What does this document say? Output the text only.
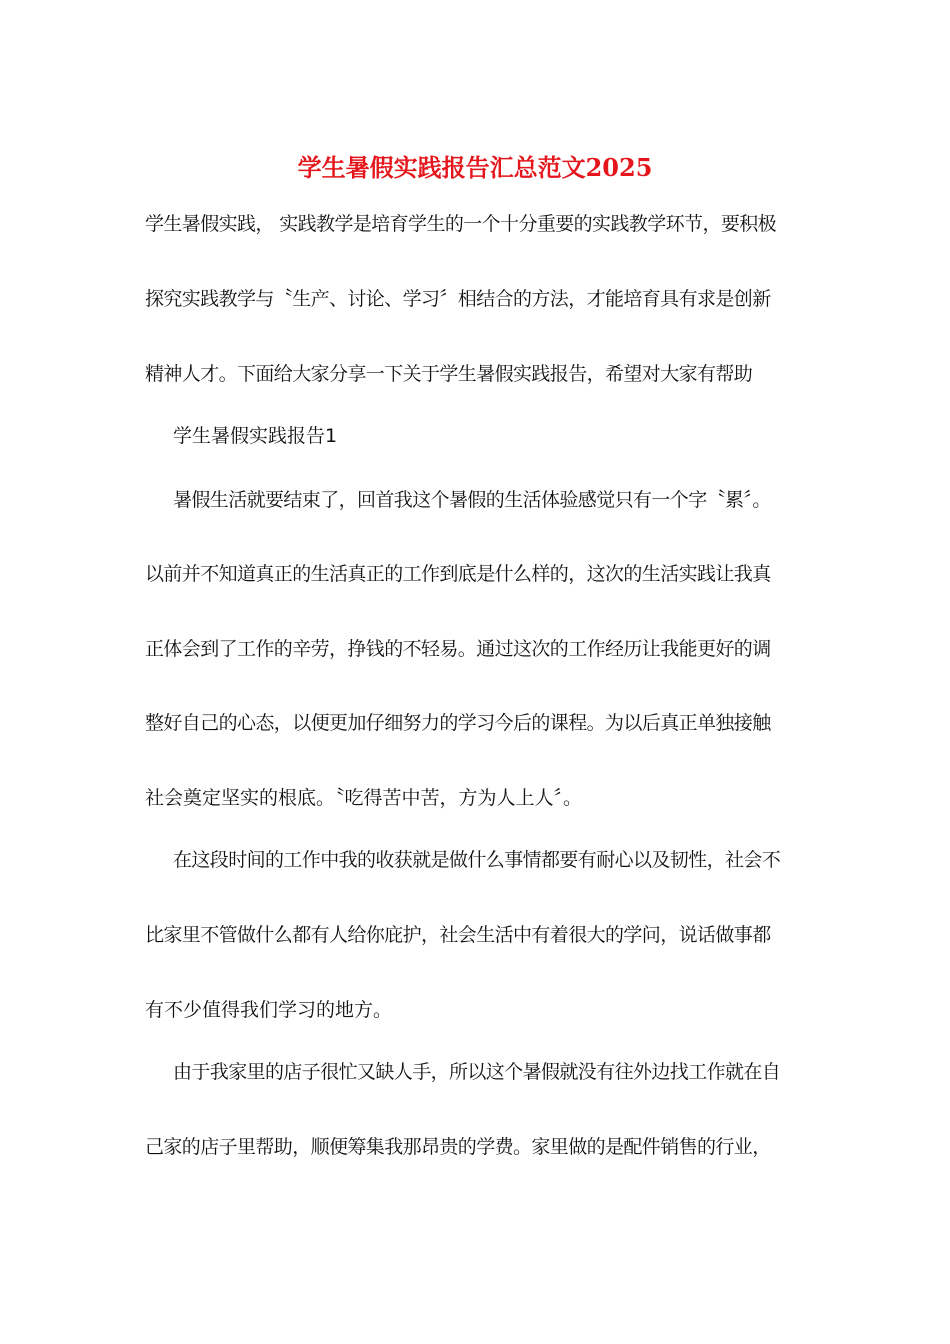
学生暑假实践报告汇总范文2025
学生暑假实践， 实践教学是培育学生的一个十分重要的实践教学环节，要积极
探究实践教学与〝生产、讨论、学习〞相结合的方法，才能培育具有求是创新
精神人才。下面给大家分享一下关于学生暑假实践报告，希望对大家有帮助
学生暑假实践报告1
暑假生活就要结束了，回首我这个暑假的生活体验感觉只有一个字〝累〞。
以前并不知道真正的生活真正的工作到底是什么样的，这次的生活实践让我真
正体会到了工作的辛劳，挣钱的不轻易。通过这次的工作经历让我能更好的调
整好自己的心态，以便更加仔细努力的学习今后的课程。为以后真正单独接触
社会奠定坚实的根底。〝吃得苦中苦，方为人上人〞。
在这段时间的工作中我的收获就是做什么事情都要有耐心以及韧性，社会不
比家里不管做什么都有人给你庇护，社会生活中有着很大的学问，说话做事都
有不少值得我们学习的地方。
由于我家里的店子很忙又缺人手，所以这个暑假就没有往外边找工作就在自
己家的店子里帮助，顺便筹集我那昂贵的学费。家里做的是配件销售的行业，
